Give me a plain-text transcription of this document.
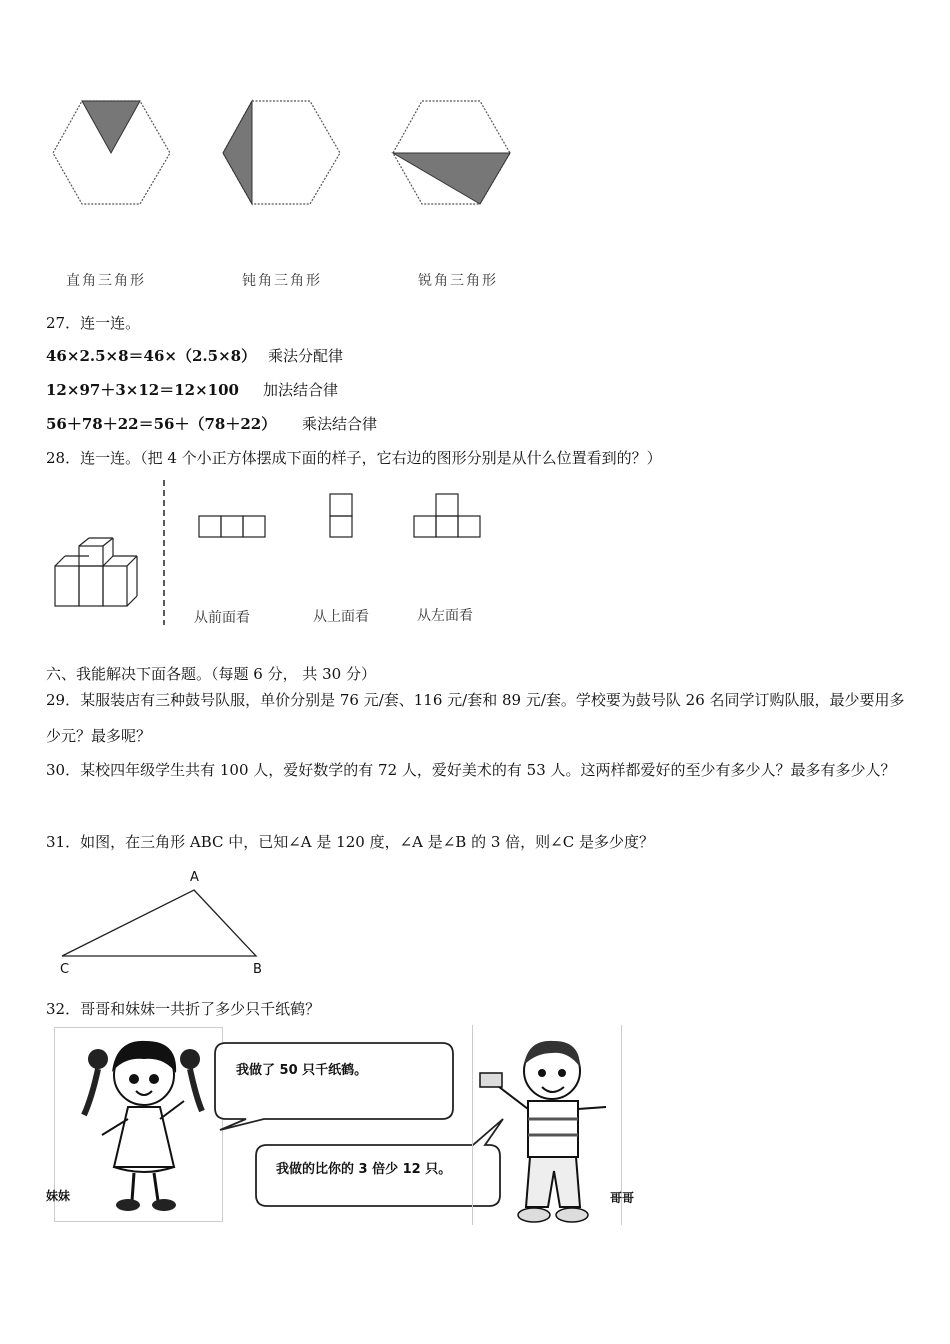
直角三角形	钝角三角形	锐角三角形
27．连一连。
46×2.5×8＝46×（2.5×8） 乘法分配律
12×97＋3×12＝12×100 加法结合律
56＋78＋22＝56＋（78＋22） 乘法结合律
28．连一连。（把 4 个小正方体摆成下面的样子，它右边的图形分别是从什么位置看到的？）
从前面看	从上面看	从左面看
六、我能解决下面各题。（每题 6 分， 共 30 分）
29．某服装店有三种鼓号队服，单价分别是 76 元/套、116 元/套和 89 元/套。学校要为鼓号队 26 名同学订购队服，最少要用多少元？最多呢？
30．某校四年级学生共有 100 人，爱好数学的有 72 人，爱好美术的有 53 人。这两样都爱好的至少有多少人？最多有多少人？
31．如图，在三角形 ABC 中，已知∠A 是 120 度，∠A 是∠B 的 3 倍，则∠C 是多少度？
A
C	B
32．哥哥和妹妹一共折了多少只千纸鹤？
妹妹
我做了 50 只千纸鹤。
我做的比你的 3 倍少 12 只。
哥哥
